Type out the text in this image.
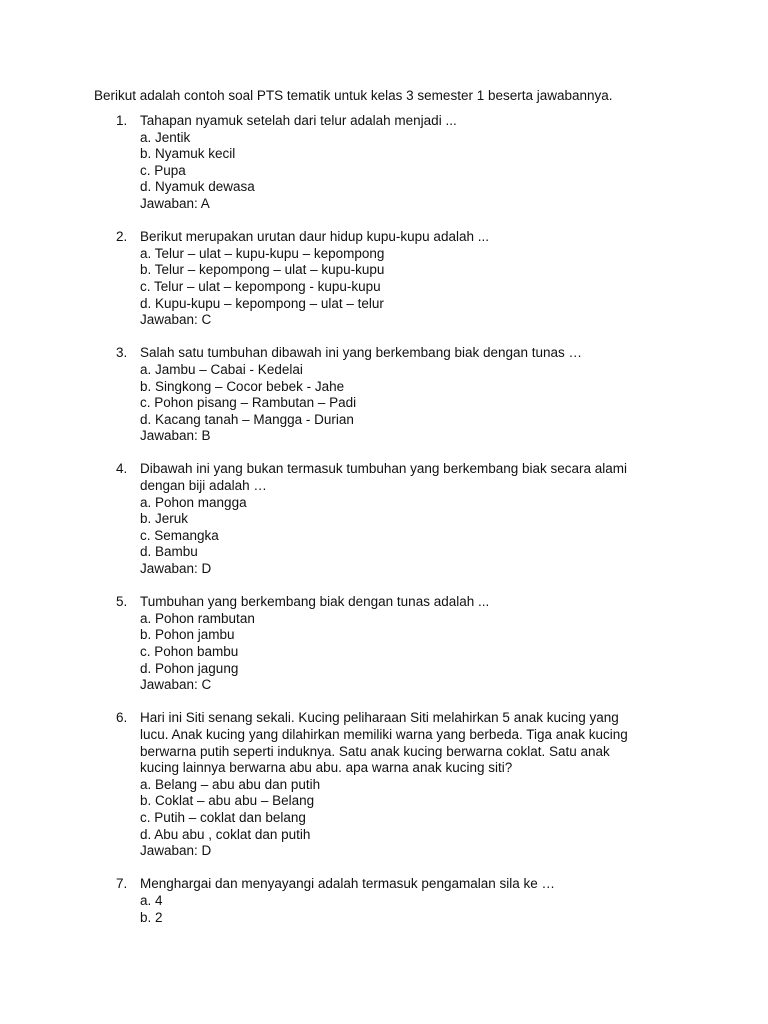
Berikut adalah contoh soal PTS tematik untuk kelas 3 semester 1 beserta jawabannya.
1. Tahapan nyamuk setelah dari telur adalah menjadi ...
a. Jentik
b. Nyamuk kecil
c. Pupa
d. Nyamuk dewasa
Jawaban: A
2. Berikut merupakan urutan daur hidup kupu-kupu adalah ...
a. Telur – ulat – kupu-kupu – kepompong
b. Telur – kepompong – ulat – kupu-kupu
c. Telur – ulat – kepompong - kupu-kupu
d. Kupu-kupu – kepompong – ulat – telur
Jawaban: C
3. Salah satu tumbuhan dibawah ini yang berkembang biak dengan tunas …
a. Jambu – Cabai - Kedelai
b. Singkong – Cocor bebek - Jahe
c. Pohon pisang – Rambutan – Padi
d. Kacang tanah – Mangga - Durian
Jawaban: B
4. Dibawah ini yang bukan termasuk tumbuhan yang berkembang biak secara alami
dengan biji adalah …
a. Pohon mangga
b. Jeruk
c. Semangka
d. Bambu
Jawaban: D
5. Tumbuhan yang berkembang biak dengan tunas adalah ...
a. Pohon rambutan
b. Pohon jambu
c. Pohon bambu
d. Pohon jagung
Jawaban: C
6. Hari ini Siti senang sekali. Kucing peliharaan Siti melahirkan 5 anak kucing yang
lucu. Anak kucing yang dilahirkan memiliki warna yang berbeda. Tiga anak kucing
berwarna putih seperti induknya. Satu anak kucing berwarna coklat. Satu anak
kucing lainnya berwarna abu abu. apa warna anak kucing siti?
a. Belang – abu abu dan putih
b. Coklat – abu abu – Belang
c. Putih – coklat dan belang
d. Abu abu , coklat dan putih
Jawaban: D
7. Menghargai dan menyayangi adalah termasuk pengamalan sila ke …
a. 4
b. 2
